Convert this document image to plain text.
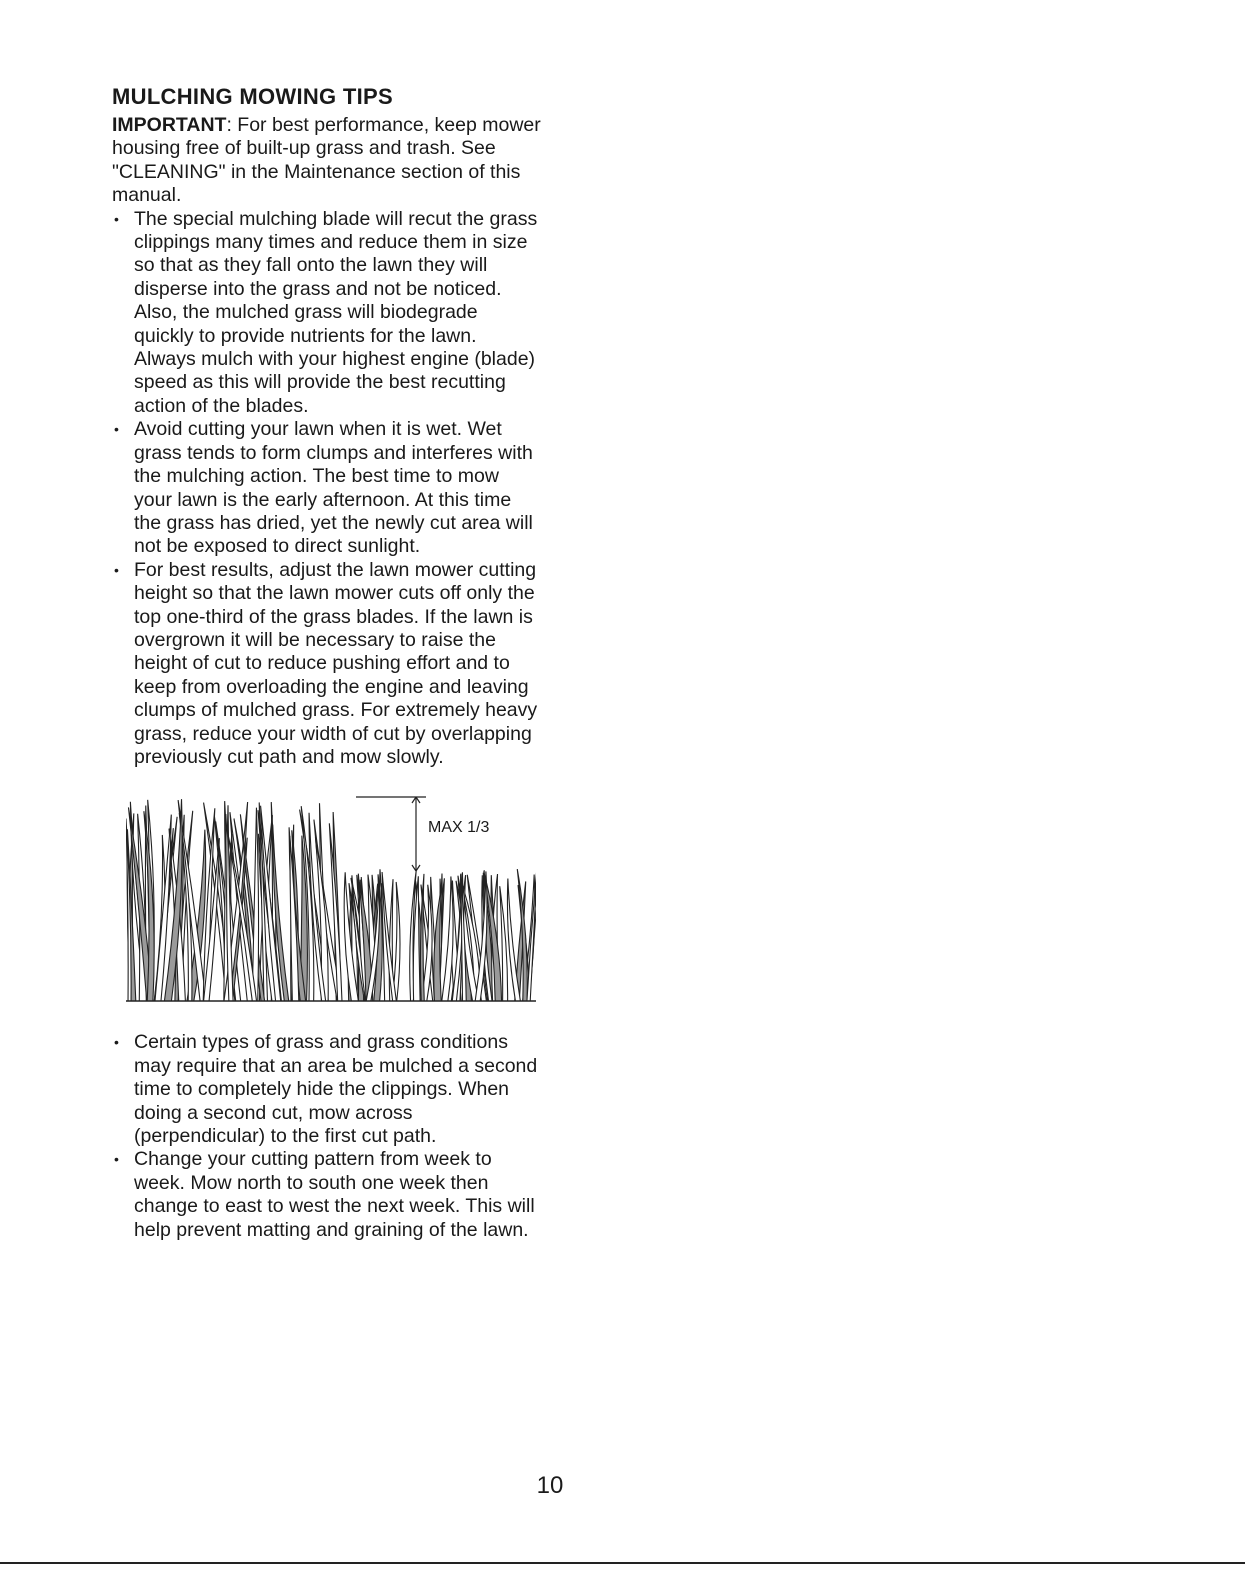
MULCHING MOWING TIPS

IMPORTANT: For best performance, keep mower housing free of built-up grass and trash. See "CLEANING" in the Maintenance section of this manual.

• The special mulching blade will recut the grass clippings many times and reduce them in size so that as they fall onto the lawn they will disperse into the grass and not be noticed. Also, the mulched grass will biodegrade quickly to provide nutrients for the lawn. Always mulch with your highest engine (blade) speed as this will provide the best recutting action of the blades.
• Avoid cutting your lawn when it is wet. Wet grass tends to form clumps and interferes with the mulching action. The best time to mow your lawn is the early afternoon. At this time the grass has dried, yet the newly cut area will not be exposed to direct sunlight.
• For best results, adjust the lawn mower cutting height so that the lawn mower cuts off only the top one-third of the grass blades. If the lawn is overgrown it will be necessary to raise the height of cut to reduce pushing effort and to keep from overloading the engine and leaving clumps of mulched grass. For extremely heavy grass, reduce your width of cut by overlapping previously cut path and mow slowly.
MAX 1/3
• Certain types of grass and grass conditions may require that an area be mulched a second time to completely hide the clippings. When doing a second cut, mow across (perpendicular) to the first cut path.
• Change your cutting pattern from week to week. Mow north to south one week then change to east to west the next week. This will help prevent matting and graining of the lawn.
10
